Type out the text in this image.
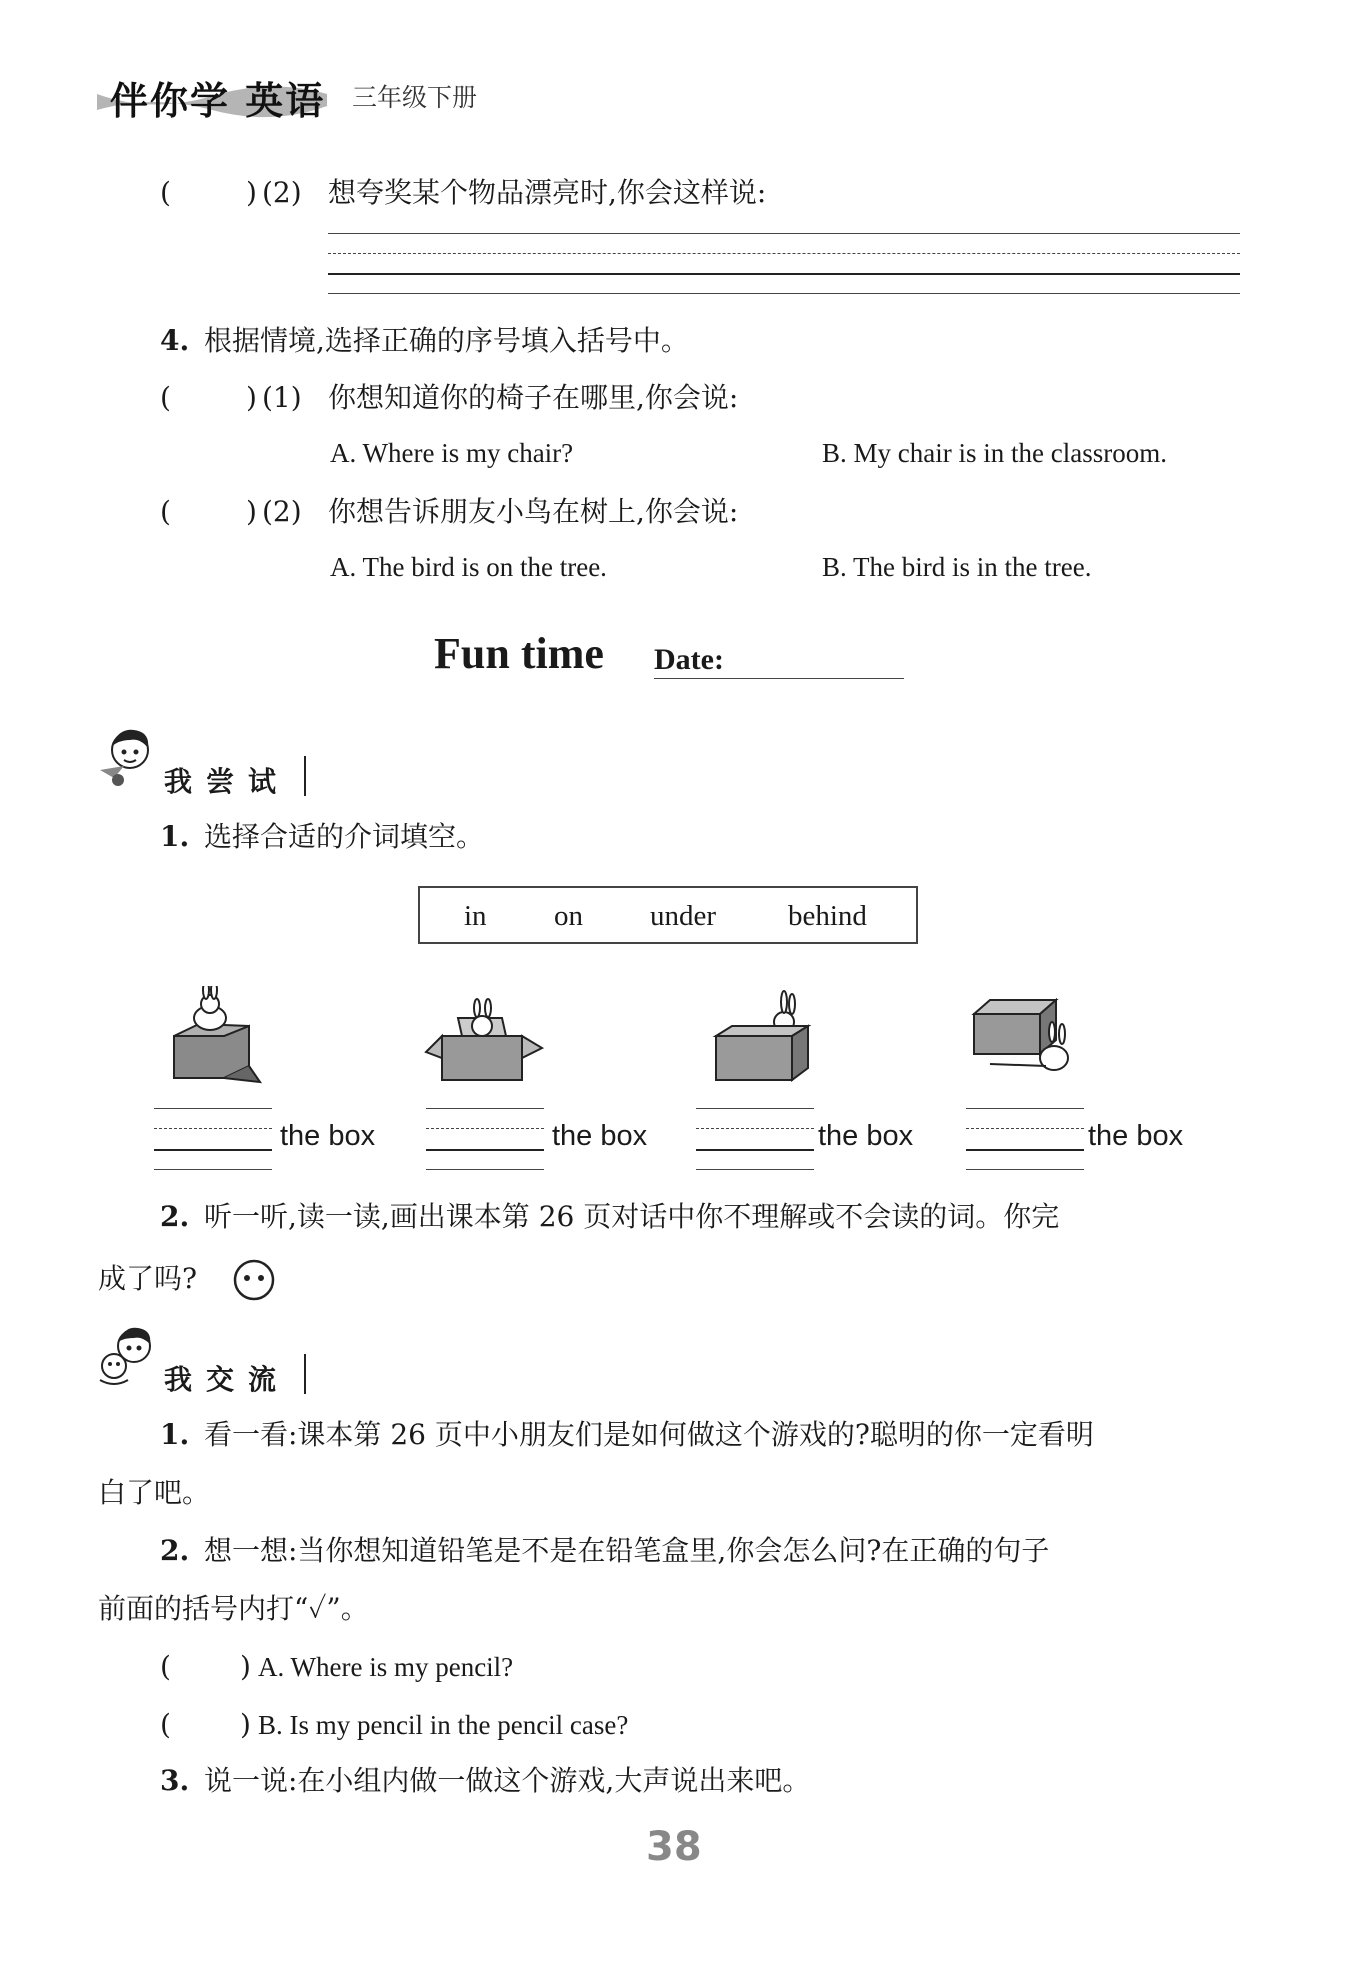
伴你学 英语 三年级下册
(	) (2) 想夸奖某个物品漂亮时,你会这样说:
4. 根据情境,选择正确的序号填入括号中。
(	) (1) 你想知道你的椅子在哪里,你会说:
A. Where is my chair?	B. My chair is in the classroom.
(	) (2) 你想告诉朋友小鸟在树上,你会说:
A. The bird is on the tree.	B. The bird is in the tree.
Fun time Date:
我尝试
1. 选择合适的介词填空。
in on under behind
the box	the box	the box	the box
2. 听一听,读一读,画出课本第 26 页对话中你不理解或不会读的词。你完
成了吗?
我交流
1. 看一看:课本第 26 页中小朋友们是如何做这个游戏的?聪明的你一定看明
白了吧。
2. 想一想:当你想知道铅笔是不是在铅笔盒里,你会怎么问?在正确的句子
前面的括号内打“✓”。
( ) A. Where is my pencil?
( ) B. Is my pencil in the pencil case?
3. 说一说:在小组内做一做这个游戏,大声说出来吧。
38
